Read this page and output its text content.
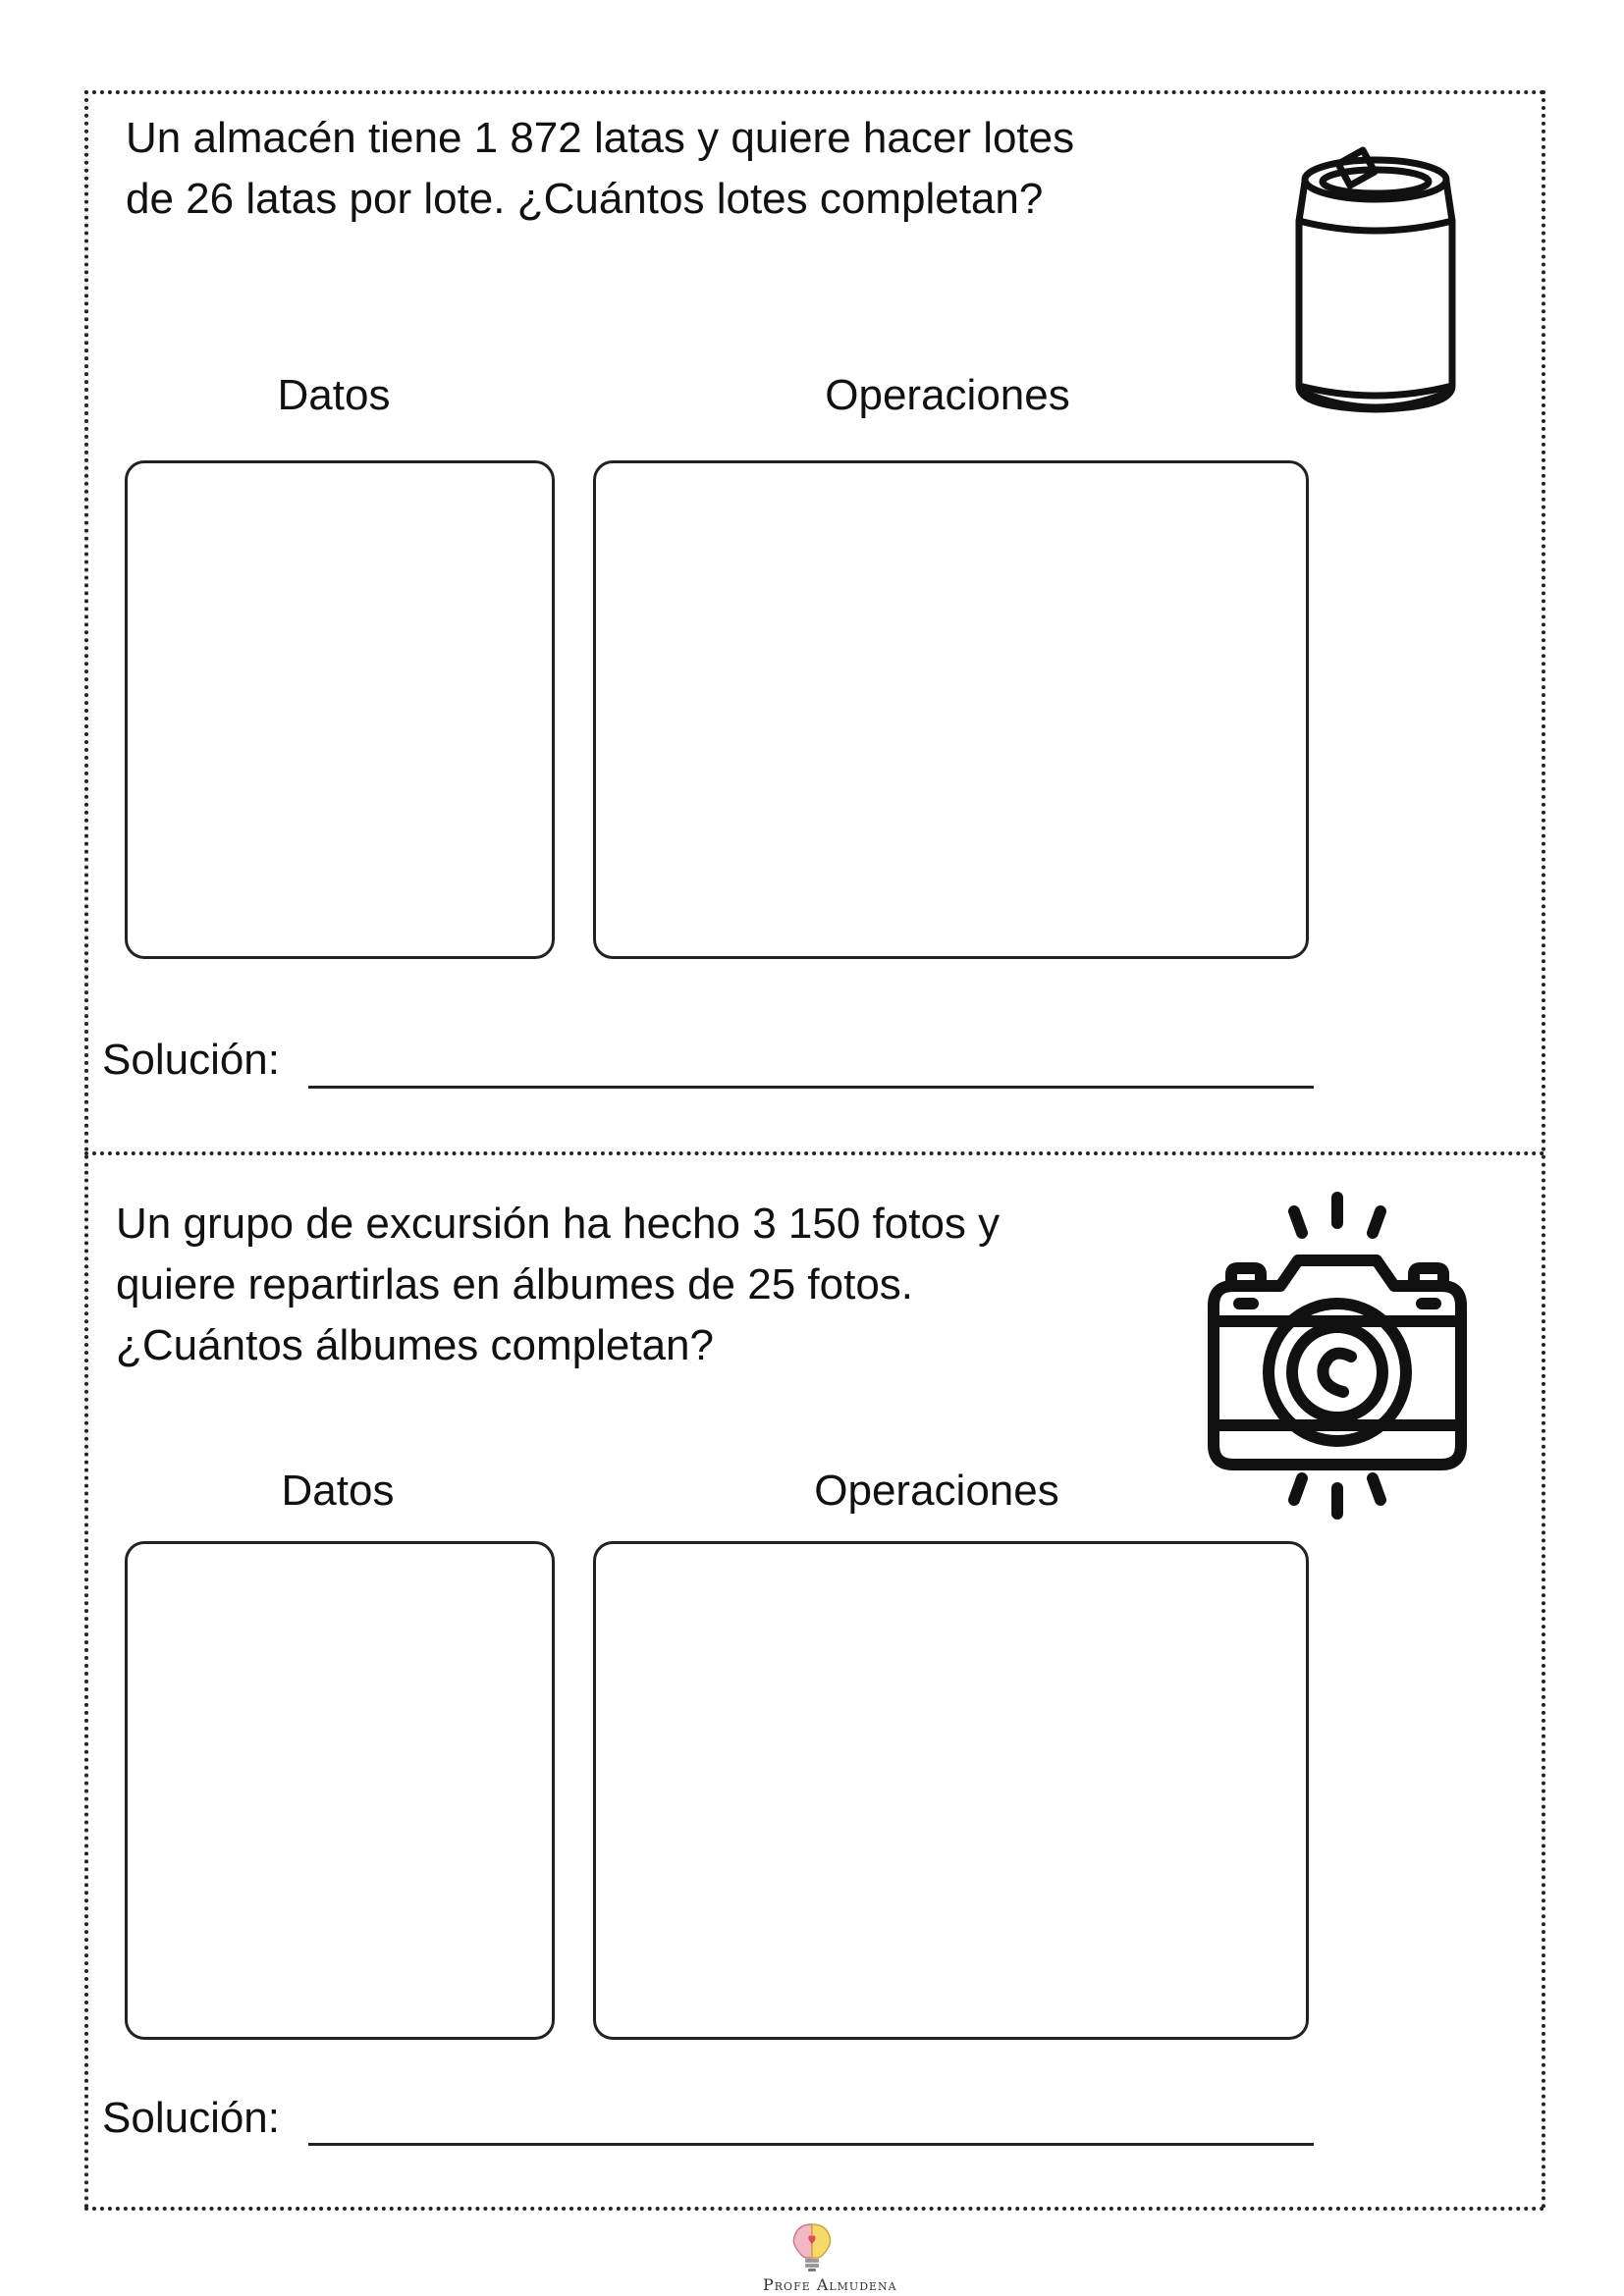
Un almacén tiene 1 872 latas y quiere hacer lotes
de 26 latas por lote. ¿Cuántos lotes completan?

Datos	Operaciones
Solución:

Un grupo de excursión ha hecho 3 150 fotos y
quiere repartirlas en álbumes de 25 fotos.
¿Cuántos álbumes completan?

Datos	Operaciones
Solución:
Profe Almudena
